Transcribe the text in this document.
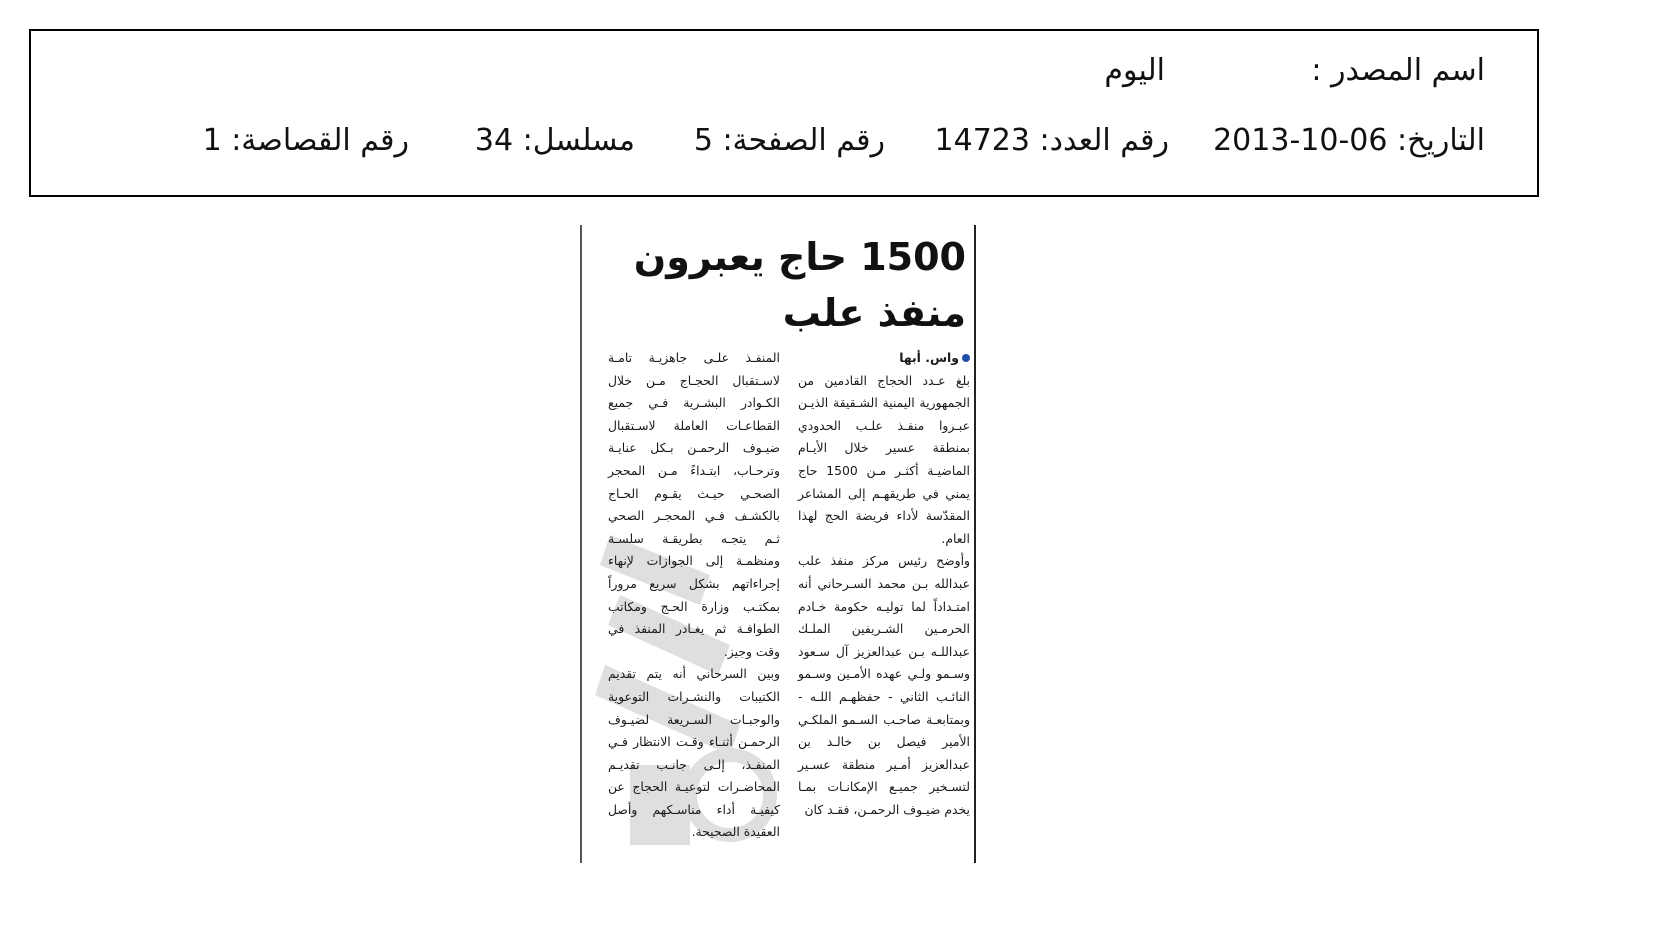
اسم المصدر :
اليوم
التاريخ: 06-10-2013
رقم العدد: 14723
رقم الصفحة: 5
مسلسل: 34
رقم القصاصة: 1
1500 حاج يعبرون
منفذ علب
واس. أبها

بلغ عـدد الحجاج القادمين من الجمهورية اليمنية الشـقيقة الذيـن عبـروا منفـذ علـب الحدودي بمنطقة عسير خلال الأيـام الماضيـة أكثـر مـن 1500 حاج يمني في طريقهـم إلى المشاعر المقدّسة لأداء فريضة الحج لهذا العام.

وأوضح رئيس مركز منفذ علب عبدالله بـن محمد السـرحاني أنه امتـداداً لما توليـه حكومة خـادم الحرمـين الشـريفين الملـك عبداللـه بـن عبدالعزيز آل سـعود وسـمو ولـي عهده الأمـين وسـمو النائـب الثاني - حفظهـم اللـه - وبمتابعـة صاحـب السـمو الملكـي الأمير فيصل بن خالـد بن عبدالعزيز أمـير منطقة عسـير لتسـخير جميـع الإمكانـات بمـا يخدم ضيـوف الرحمـن، فقـد كان

المنفـذ علـى جاهزيـة تامـة لاسـتقبال الحجـاج مـن خلال الكـوادر البشـرية فـي جميع القطاعـات العاملة لاسـتقبال ضيـوف الرحمـن بـكل عنايـة وترحـاب، ابتـداءً مـن المحجر الصحـي حيـث يقـوم الحـاج بالكشـف فـي المحجـر الصحي ثـم يتجـه بطريقـة سلسـة ومنظمـة إلى الجوازات لإنهاء إجراءاتهم بشكل سريع مروراً بمكتـب وزارة الحـج ومكاتب الطوافـة ثم يغـادر المنفذ في وقت وجيز.

وبين السرحاني أنه يتم تقديم الكتيبات والنشـرات التوعوية والوجبـات السـريعة لضيـوف الرحمـن أثنـاء وقـت الانتظار فـي المنفـذ، إلـى جانـب تقديـم المحاضـرات لتوعيـة الحجاج عن كيفيـة أداء مناسـكهم وأصل العقيدة الصحيحة.
